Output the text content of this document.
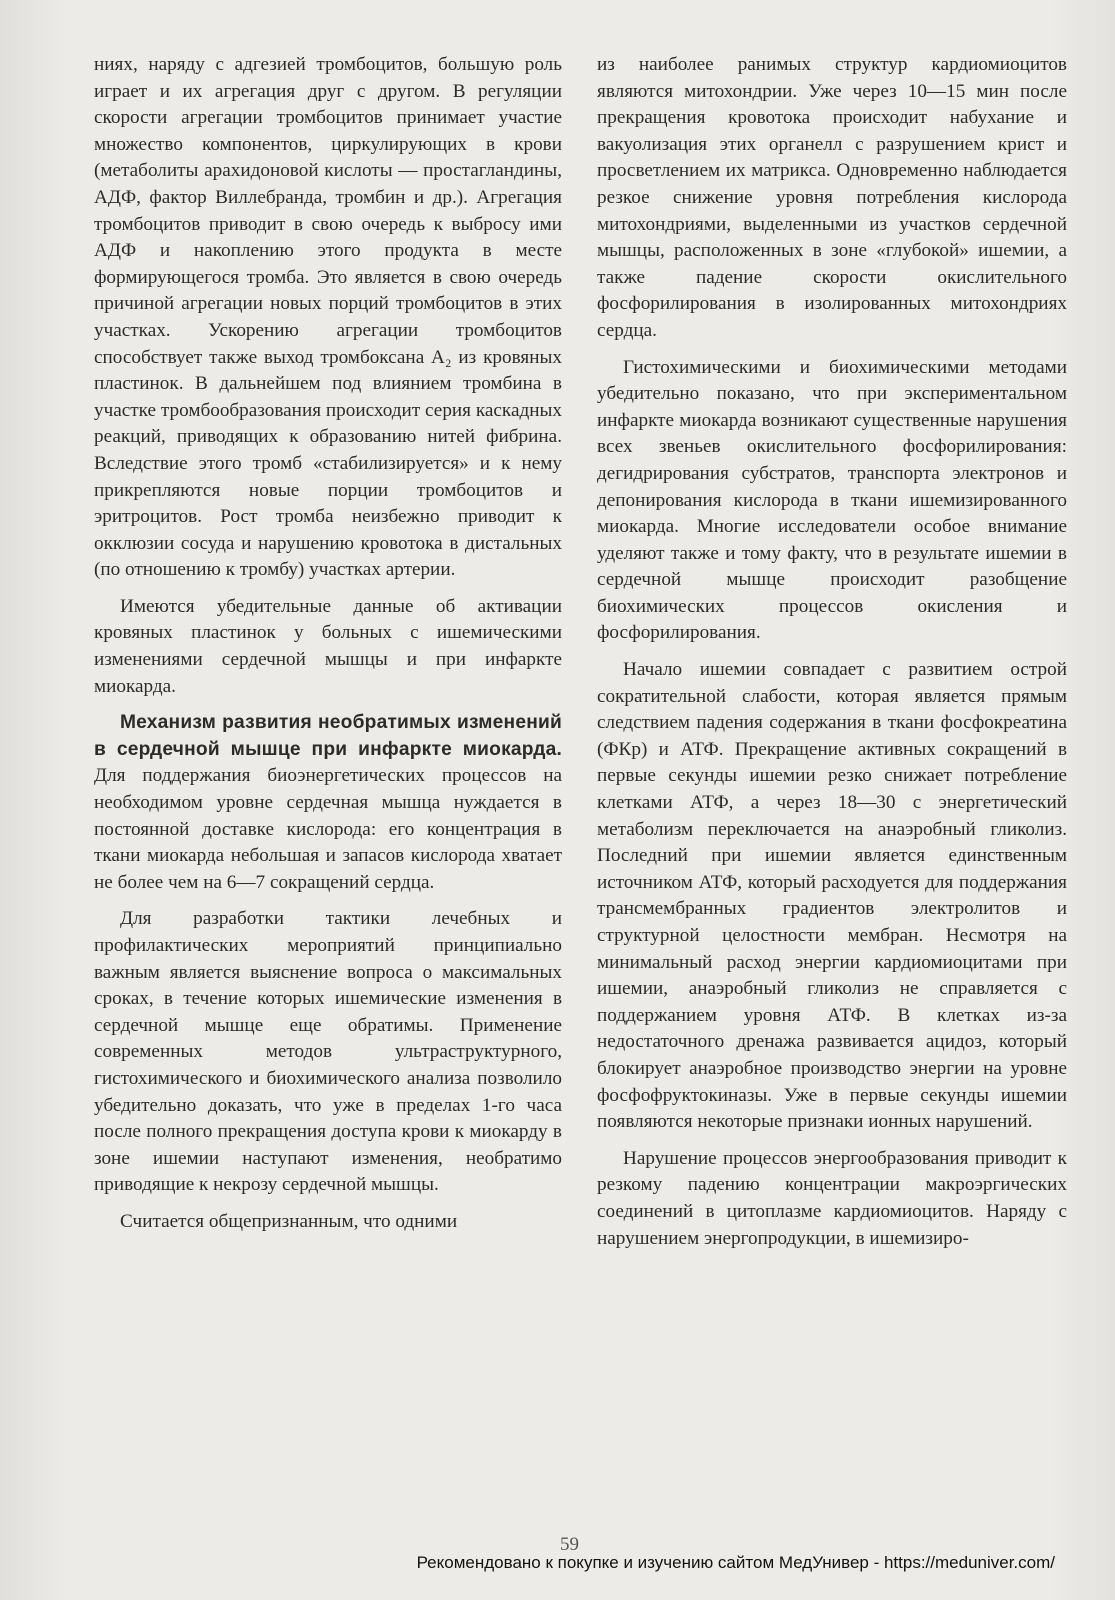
ниях, наряду с адгезией тромбоцитов, большую роль играет и их агрегация друг с другом. В регуляции скорости агрегации тромбоцитов принимает участие множество компонентов, циркулирующих в крови (метаболиты арахидоновой кислоты — простагландины, АДФ, фактор Виллебранда, тромбин и др.). Агрегация тромбоцитов приводит в свою очередь к выбросу ими АДФ и накоплению этого продукта в месте формирующегося тромба. Это является в свою очередь причиной агрегации новых порций тромбоцитов в этих участках. Ускорению агрегации тромбоцитов способствует также выход тромбоксана А₂ из кровяных пластинок. В дальнейшем под влиянием тромбина в участке тромбообразования происходит серия каскадных реакций, приводящих к образованию нитей фибрина. Вследствие этого тромб «стабилизируется» и к нему прикрепляются новые порции тромбоцитов и эритроцитов. Рост тромба неизбежно приводит к окклюзии сосуда и нарушению кровотока в дистальных (по отношению к тромбу) участках артерии.

Имеются убедительные данные об активации кровяных пластинок у больных с ишемическими изменениями сердечной мышцы и при инфаркте миокарда.

Механизм развития необратимых изменений в сердечной мышце при инфаркте миокарда. Для поддержания биоэнергетических процессов на необходимом уровне сердечная мышца нуждается в постоянной доставке кислорода: его концентрация в ткани миокарда небольшая и запасов кислорода хватает не более чем на 6—7 сокращений сердца.

Для разработки тактики лечебных и профилактических мероприятий принципиально важным является выяснение вопроса о максимальных сроках, в течение которых ишемические изменения в сердечной мышце еще обратимы. Применение современных методов ультраструктурного, гистохимического и биохимического анализа позволило убедительно доказать, что уже в пределах 1-го часа после полного прекращения доступа крови к миокарду в зоне ишемии наступают изменения, необратимо приводящие к некрозу сердечной мышцы.

Считается общепризнанным, что одними

из наиболее ранимых структур кардиомиоцитов являются митохондрии. Уже через 10—15 мин после прекращения кровотока происходит набухание и вакуолизация этих органелл с разрушением крист и просветлением их матрикса. Одновременно наблюдается резкое снижение уровня потребления кислорода митохондриями, выделенными из участков сердечной мышцы, расположенных в зоне «глубокой» ишемии, а также падение скорости окислительного фосфорилирования в изолированных митохондриях сердца.

Гистохимическими и биохимическими методами убедительно показано, что при экспериментальном инфаркте миокарда возникают существенные нарушения всех звеньев окислительного фосфорилирования: дегидрирования субстратов, транспорта электронов и депонирования кислорода в ткани ишемизированного миокарда. Многие исследователи особое внимание уделяют также и тому факту, что в результате ишемии в сердечной мышце происходит разобщение биохимических процессов окисления и фосфорилирования.

Начало ишемии совпадает с развитием острой сократительной слабости, которая является прямым следствием падения содержания в ткани фосфокреатина (ФКр) и АТФ. Прекращение активных сокращений в первые секунды ишемии резко снижает потребление клетками АТФ, а через 18—30 с энергетический метаболизм переключается на анаэробный гликолиз. Последний при ишемии является единственным источником АТФ, который расходуется для поддержания трансмембранных градиентов электролитов и структурной целостности мембран. Несмотря на минимальный расход энергии кардиомиоцитами при ишемии, анаэробный гликолиз не справляется с поддержанием уровня АТФ. В клетках из-за недостаточного дренажа развивается ацидоз, который блокирует анаэробное производство энергии на уровне фосфофруктокиназы. Уже в первые секунды ишемии появляются некоторые признаки ионных нарушений.

Нарушение процессов энергообразования приводит к резкому падению концентрации макроэргических соединений в цитоплазме кардиомиоцитов. Наряду с нарушением энергопродукции, в ишемизиро-

59
Рекомендовано к покупке и изучению сайтом МедУнивер - https://meduniver.com/
